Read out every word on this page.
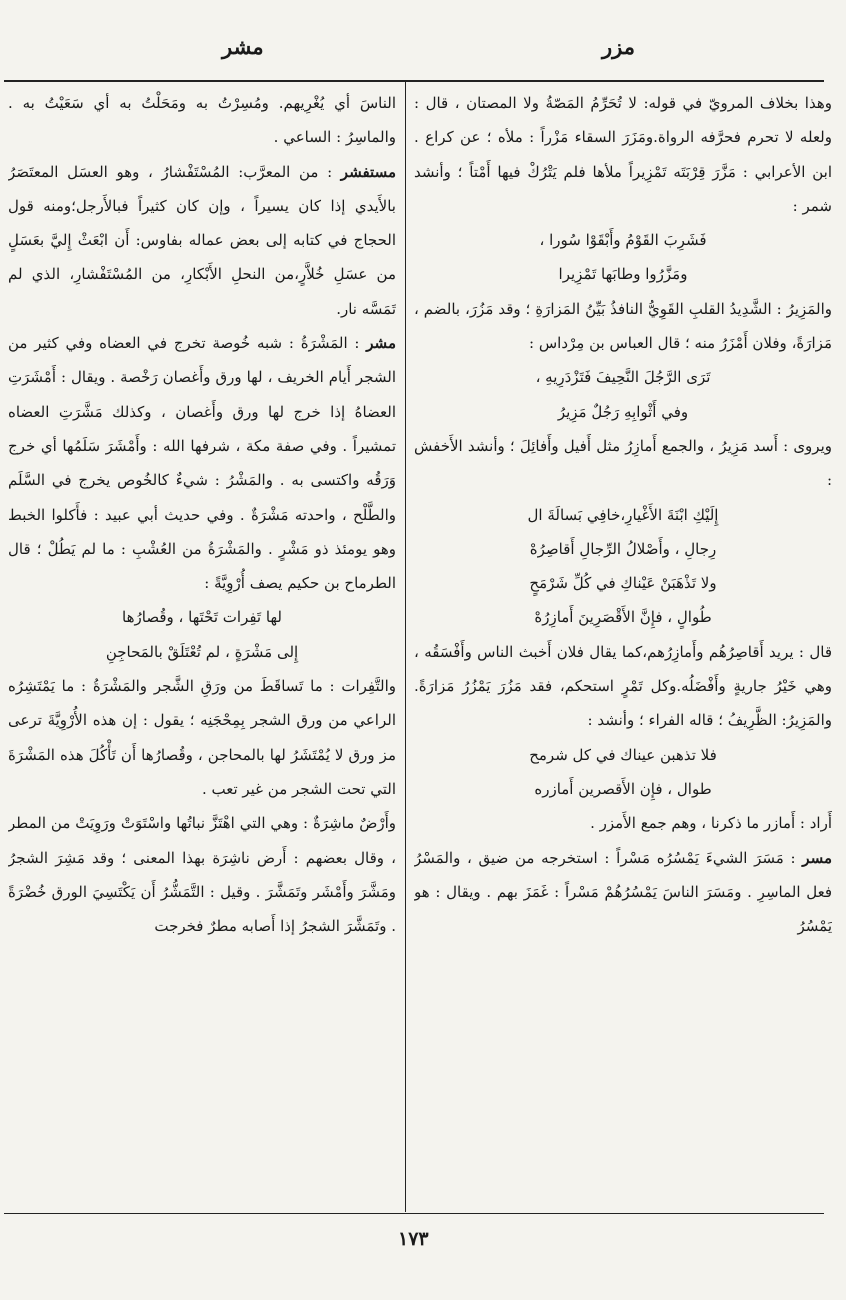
مشر	مزر

وهذا بخلاف المرويّ في قوله: لا تُحَرِّمُ المَصّةُ ولا المصتان ، قال : ولعله لا تحرم فحرَّفه الرواة.ومَزَرَ السقاء مَزْراً : ملأه ؛ عن كراع . ابن الأعرابي : مَزَّرَ قِرْبَتَه تَمْزِيراً ملأها فلم يَتْرُكْ فيها أَمْتاً ؛ وأنشد شمر :

فَشَرِبَ القَوْمُ وأَبْقَوْا سُورا ،
ومَزَّرُوا وطابَها تَمْزِيرا

والمَزِيرُ : الشَّدِيدُ القلبِ القَوِيُّ النافذُ بَيِّنُ المَزارَةِ ؛ وقد مَزُرَ، بالضم ، مَزارَةً، وفلان أَمْزَرُ منه ؛ قال العباس بن مِرْداس :

تَرَى الرَّجُلَ النَّحِيفَ فَتَزْدَرِيهِ ،
وفي أَثْوابِهِ رَجُلٌ مَزِيرُ

ويروى : أَسد مَزِيرُ ، والجمع أَمازِرُ مثل أَفيل وأَفائِلَ ؛ وأنشد الأَخفش :

إِلَيْكِ ابْنَةَ الأَغْيارِ،خافِي بَسالَةَ ال
رِجالِ ، وأَصْلالُ الرِّجالِ أَقاصِرُهْ
ولا تَذْهَبَنْ عَيْناكِ في كُلِّ شَرْمَحٍ
طُوالٍ ، فإِنَّ الأَقْصَرِينَ أَمازِرُهْ

قال : يريد أَقاصِرُهُم وأَمازِرُهم،كما يقال فلان أَخبث الناس وأَفْسَقُه ، وهي خَيْرُ جاريةٍ وأَفْضَلُه.وكل تَمْرٍ استحكم، فقد مَزُرَ يَمْزُرُ مَزارَةً. والمَزِيرُ: الظَّرِيفُ ؛ قاله الفراء ؛ وأنشد :

فلا تذهبن عيناك في كل شرمح
طوال ، فإِن الأَقصرين أَمازره

أَراد : أَمازر ما ذكرنا ، وهم جمع الأَمزر .

مسر : مَسَرَ الشيءَ يَمْسُرُه مَسْراً : استخرجه من ضيق ، والمَسْرُ فعل الماسِرِ . ومَسَرَ الناسَ يَمْسُرُهُمْ مَسْراً : غَمَزَ بهم . ويقال : هو يَمْسُرُ

الناسَ أي يُغْرِيهم. ومُسِرْتُ به ومَحَلْتُ به أي سَعَيْتُ به . والماسِرُ : الساعي .

مستفشر : من المعرَّب: المُسْتَفْشارُ ، وهو العسَل المعتَصَرُ بالأَيدي إذا كان يسيراً ، وإن كان كثيراً فبالأَرجل؛ومنه قول الحجاج في كتابه إلى بعض عماله بفاوس: أَن ابْعَثْ إِليَّ بعَسَلٍ من عسَلِ خُلاَّرٍ،من النحلِ الأَبْكارِ، من المُسْتَفْشارِ، الذي لم تَمَسَّه نار.

مشر : المَشْرَةُ : شبه خُوصة تخرج في العضاه وفي كثير من الشجر أَيام الخريف ، لها ورق وأَغصان رَخْصة . ويقال : أَمْشَرَتِ العضاهُ إذا خرج لها ورق وأَغصان ، وكذلك مَشَّرَتِ العضاه تمشيراً . وفي صفة مكة ، شرفها الله : وأَمْشَرَ سَلَمُها أي خرج وَرَقُه واكتسى به . والمَشْرُ : شيءٌ كالخُوص يخرج في السَّلَم والطَّلْح ، واحدته مَشْرَةٌ . وفي حديث أبي عبيد : فأَكلوا الخبط وهو يومئذ ذو مَشْرٍ . والمَشْرَةُ من العُشْبِ : ما لم يَطُلْ ؛ قال الطرماح بن حكيم يصف أُرْوِيَّةً :

لها تَفِرات تَحْتَها ، وقُصارُها
إِلى مَشْرَةٍ ، لم تُعْتَلَقْ بالمَحاجِنِ

والتَّفِرات : ما تَساقَطَ من ورَقِ الشَّجر والمَشْرَةُ : ما يَمْتَشِرُه الراعي من ورق الشجر بِمِحْجَنِه ؛ يقول : إن هذه الأُرْوِيَّةَ ترعى مز ورق لا يُمْتَشَرُ لها بالمحاجن ، وقُصارُها أَن تَأْكُلَ هذه المَشْرَةَ التي تحت الشجر من غير تعب .

وأَرْضٌ ماشِرَةٌ : وهي التي اهْتَزَّ نباتُها واسْتَوَتْ ورَوِيَتْ من المطر ، وقال بعضهم : أَرض ناشِرَة بهذا المعنى ؛ وقد مَشِرَ الشجرُ ومَشَّرَ وأَمْشَر وتَمَشَّرَ . وقيل : التَّمَشُّرُ أَن يَكْتَسِيَ الورق خُضْرَةً . وتَمَشَّرَ الشجرُ إذا أَصابه مطرٌ فخرجت

١٧٣
